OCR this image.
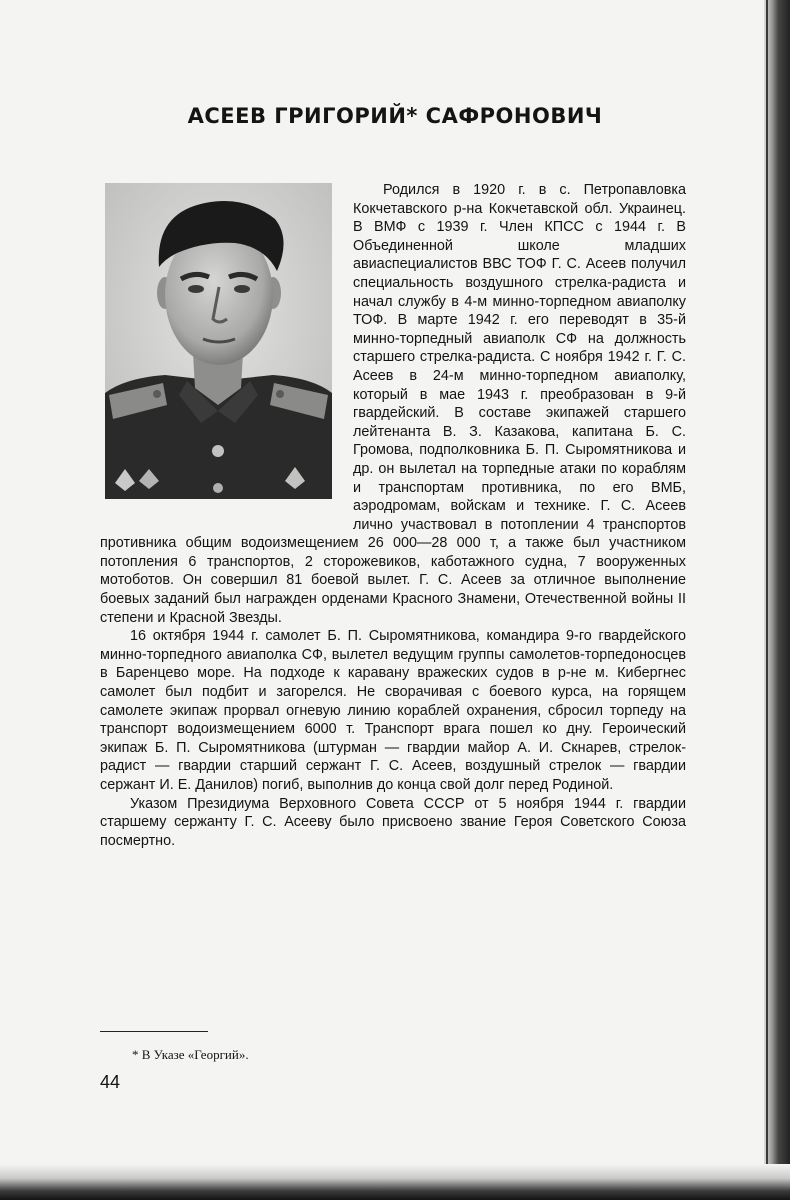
АСЕЕВ ГРИГОРИЙ* САФРОНОВИЧ

Родился в 1920 г. в с. Петропавловка Кокчетавского р-на Кокчетавской обл. Украинец. В ВМФ с 1939 г. Член КПСС с 1944 г. В Объединенной школе младших авиаспециалистов ВВС ТОФ Г. С. Асеев получил специальность воздушного стрелка-радиста и начал службу в 4-м минно-торпедном авиаполку ТОФ. В марте 1942 г. его переводят в 35-й минно-торпедный авиаполк СФ на должность старшего стрелка-радиста. С ноября 1942 г. Г. С. Асеев в 24-м минно-торпедном авиаполку, который в мае 1943 г. преобразован в 9-й гвардейский. В составе экипажей старшего лейтенанта В. З. Казакова, капитана Б. С. Громова, подполковника Б. П. Сыромятникова и др. он вылетал на торпедные атаки по кораблям и транспортам противника, по его ВМБ, аэродромам, войскам и технике. Г. С. Асеев лично участвовал в потоплении 4 транспортов противника общим водоизмещением 26 000—28 000 т, а также был участником потопления 6 транспортов, 2 сторожевиков, каботажного судна, 7 вооруженных мотоботов. Он совершил 81 боевой вылет. Г. С. Асеев за отличное выполнение боевых заданий был награжден орденами Красного Знамени, Отечественной войны II степени и Красной Звезды.

16 октября 1944 г. самолет Б. П. Сыромятникова, командира 9-го гвардейского минно-торпедного авиаполка СФ, вылетел ведущим группы самолетов-торпедоносцев в Баренцево море. На подходе к каравану вражеских судов в р-не м. Кибергнес самолет был подбит и загорелся. Не сворачивая с боевого курса, на горящем самолете экипаж прорвал огневую линию кораблей охранения, сбросил торпеду на транспорт водоизмещением 6000 т. Транспорт врага пошел ко дну. Героический экипаж Б. П. Сыромятникова (штурман — гвардии майор А. И. Скнарев, стрелок-радист — гвардии старший сержант Г. С. Асеев, воздушный стрелок — гвардии сержант И. Е. Данилов) погиб, выполнив до конца свой долг перед Родиной.

Указом Президиума Верховного Совета СССР от 5 ноября 1944 г. гвардии старшему сержанту Г. С. Асееву было присвоено звание Героя Советского Союза посмертно.

* В Указе «Георгий».

44
